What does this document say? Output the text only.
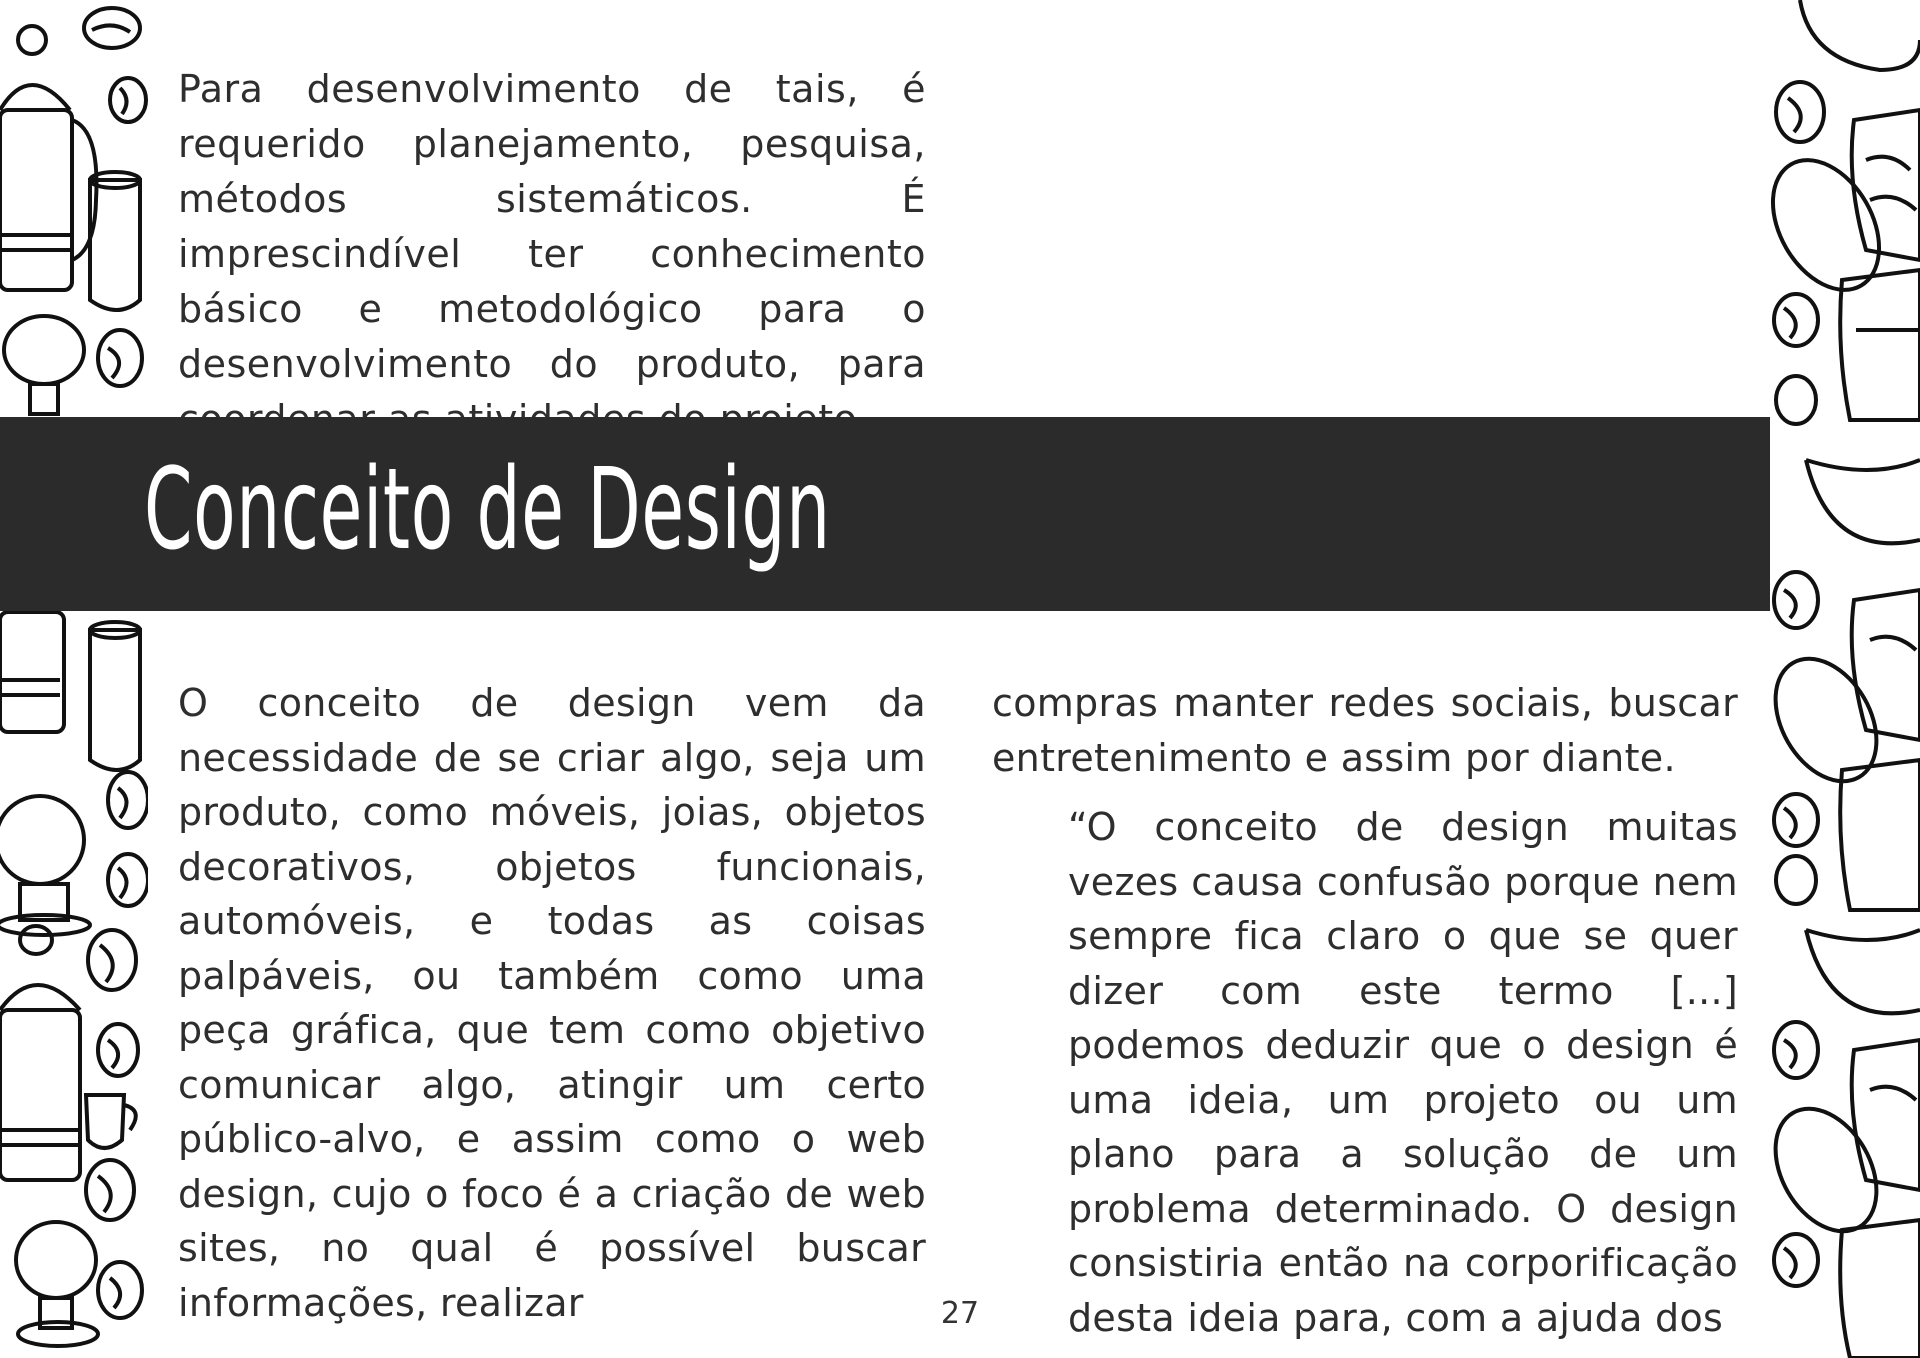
Para desenvolvimento de tais, é requerido planejamento, pesquisa, métodos sistemáticos. É imprescindível ter conhecimento básico e metodológico para o desenvolvimento do produto, para

Conceito de Design

O conceito de design vem da necessidade de se criar algo, seja um produto, como móveis, joias, objetos decorativos, objetos funcionais, automóveis, e todas as coisas palpáveis, ou também como uma peça gráfica, que tem como objetivo comunicar algo, atingir um certo público-alvo, e assim como o web design, cujo o foco é a criação de web sites, no qual é possível buscar informações, realizar

compras manter redes sociais, buscar entretenimento e assim por diante.

“O conceito de design muitas vezes causa confusão porque nem sempre fica claro o que se quer dizer com este termo [...] podemos deduzir que o design é uma ideia, um projeto ou um plano para a solução de um problema determinado. O design consistiria então na corporificação desta ideia para, com a ajuda dos

27
